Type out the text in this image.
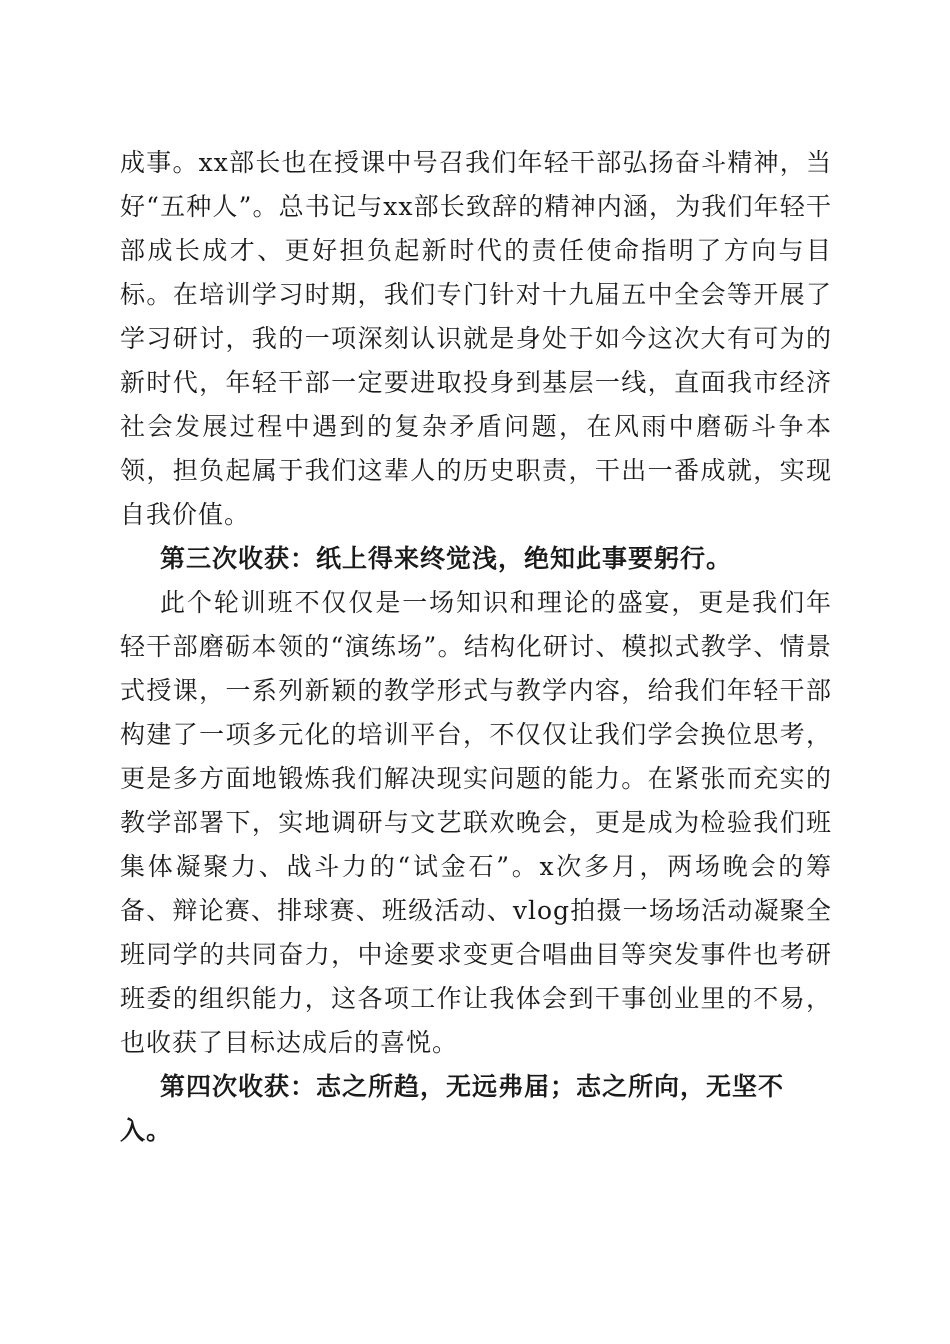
成事。xx部长也在授课中号召我们年轻干部弘扬奋斗精神，当好“五种人”。总书记与xx部长致辞的精神内涵，为我们年轻干部成长成才、更好担负起新时代的责任使命指明了方向与目标。在培训学习时期，我们专门针对十九届五中全会等开展了学习研讨，我的一项深刻认识就是身处于如今这次大有可为的新时代，年轻干部一定要进取投身到基层一线，直面我市经济社会发展过程中遇到的复杂矛盾问题，在风雨中磨砺斗争本领，担负起属于我们这辈人的历史职责，干出一番成就，实现自我价值。

第三次收获：纸上得来终觉浅，绝知此事要躬行。

此个轮训班不仅仅是一场知识和理论的盛宴，更是我们年轻干部磨砺本领的“演练场”。结构化研讨、模拟式教学、情景式授课，一系列新颖的教学形式与教学内容，给我们年轻干部构建了一项多元化的培训平台，不仅仅让我们学会换位思考，更是多方面地锻炼我们解决现实问题的能力。在紧张而充实的教学部署下，实地调研与文艺联欢晚会，更是成为检验我们班集体凝聚力、战斗力的“试金石”。x次多月，两场晚会的筹备、辩论赛、排球赛、班级活动、vlog拍摄一场场活动凝聚全班同学的共同奋力，中途要求变更合唱曲目等突发事件也考研班委的组织能力，这各项工作让我体会到干事创业里的不易，也收获了目标达成后的喜悦。

第四次收获：志之所趋，无远弗届；志之所向，无坚不入。
